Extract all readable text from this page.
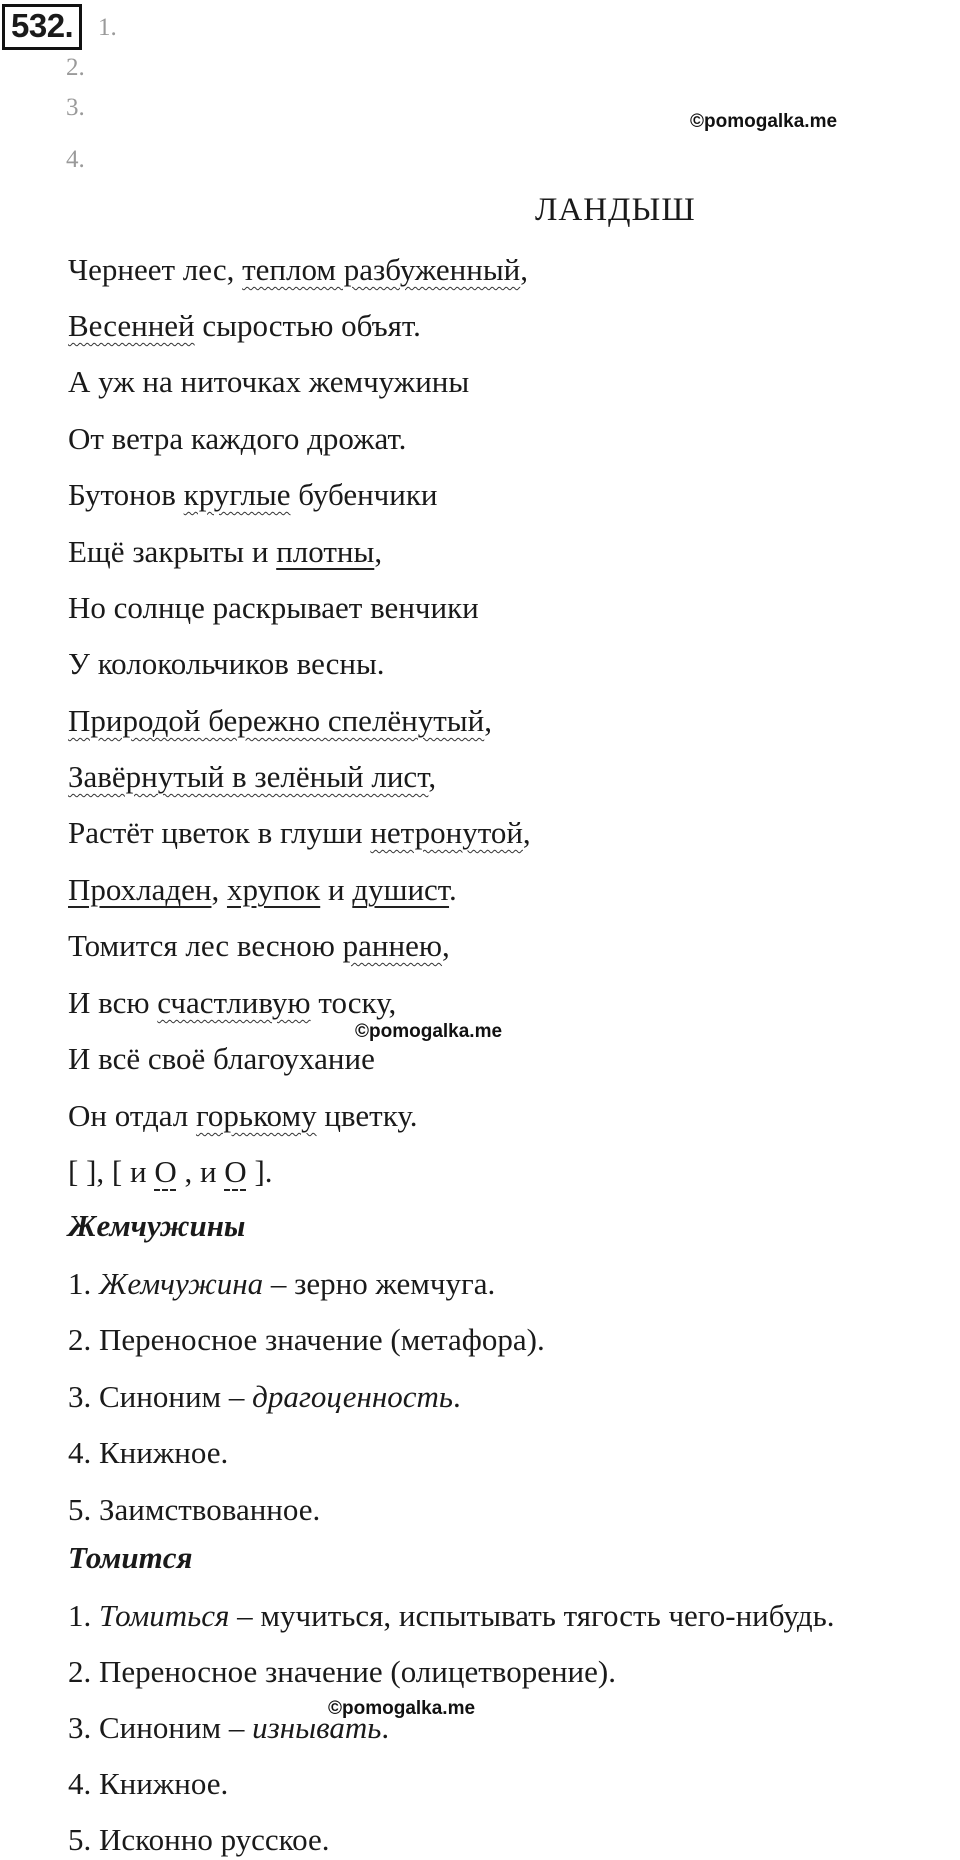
532. 1.
2.
3.
4.
©pomogalka.me
ЛАНДЫШ
Чернеет лес, теплом разбуженный,
Весенней сыростью объят.
А уж на ниточках жемчужины
От ветра каждого дрожат.
Бутонов круглые бубенчики
Ещё закрыты и плотны,
Но солнце раскрывает венчики
У колокольчиков весны.
Природой бережно спелёнутый,
Завёрнутый в зелёный лист,
Растёт цветок в глуши нетронутой,
Прохладен, хрупок и душист.
Томится лес весною раннею,
И всю счастливую тоску,
©pomogalka.me
И всё своё благоухание
Он отдал горькому цветку.
[ ], [ и О , и О ].
Жемчужины
1. Жемчужина – зерно жемчуга.
2. Переносное значение (метафора).
3. Синоним – драгоценность.
4. Книжное.
5. Заимствованное.
Томится
1. Томиться – мучиться, испытывать тягость чего-нибудь.
2. Переносное значение (олицетворение).
©pomogalka.me
3. Синоним – изнывать.
4. Книжное.
5. Исконно русское.
